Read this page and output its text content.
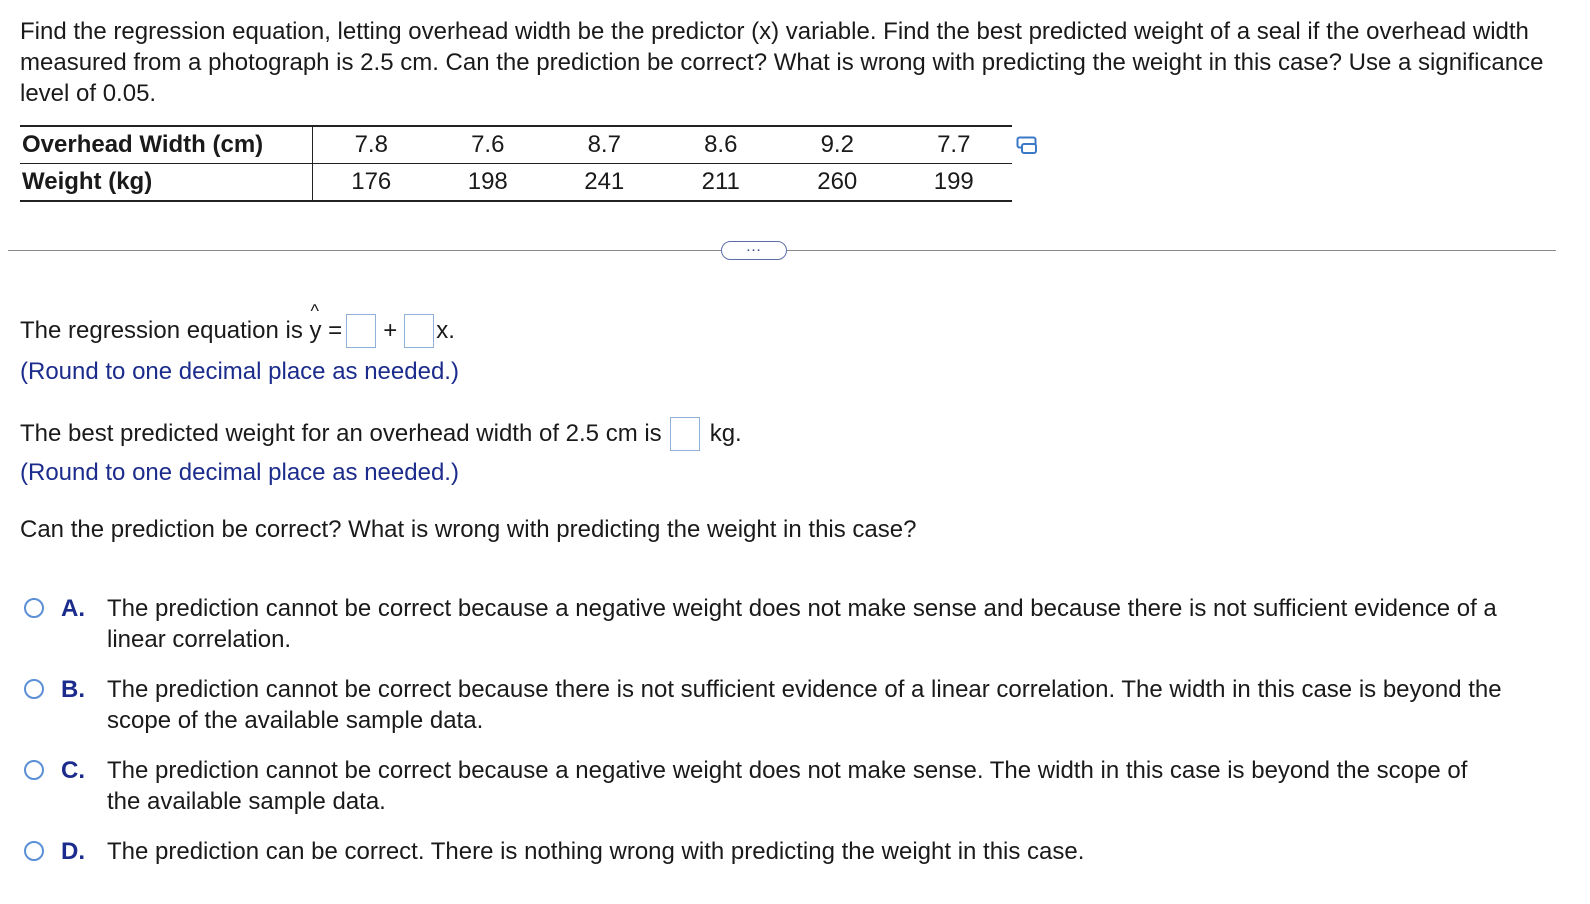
Find the regression equation, letting overhead width be the predictor (x) variable. Find the best predicted weight of a seal if the overhead width measured from a photograph is 2.5 cm. Can the prediction be correct? What is wrong with predicting the weight in this case? Use a significance level of 0.05.
Overhead Width (cm)	7.8	7.6	8.7	8.6	9.2	7.7
Weight (kg)	176	198	241	211	260	199
…
The regression equation is
^
y = + x.
(Round to one decimal place as needed.)
The best predicted weight for an overhead width of 2.5 cm is kg.
(Round to one decimal place as needed.)
Can the prediction be correct? What is wrong with predicting the weight in this case?
A. The prediction cannot be correct because a negative weight does not make sense and because there is not sufficient evidence of a linear correlation.
B. The prediction cannot be correct because there is not sufficient evidence of a linear correlation. The width in this case is beyond the scope of the available sample data.
C. The prediction cannot be correct because a negative weight does not make sense. The width in this case is beyond the scope of the available sample data.
D. The prediction can be correct. There is nothing wrong with predicting the weight in this case.
